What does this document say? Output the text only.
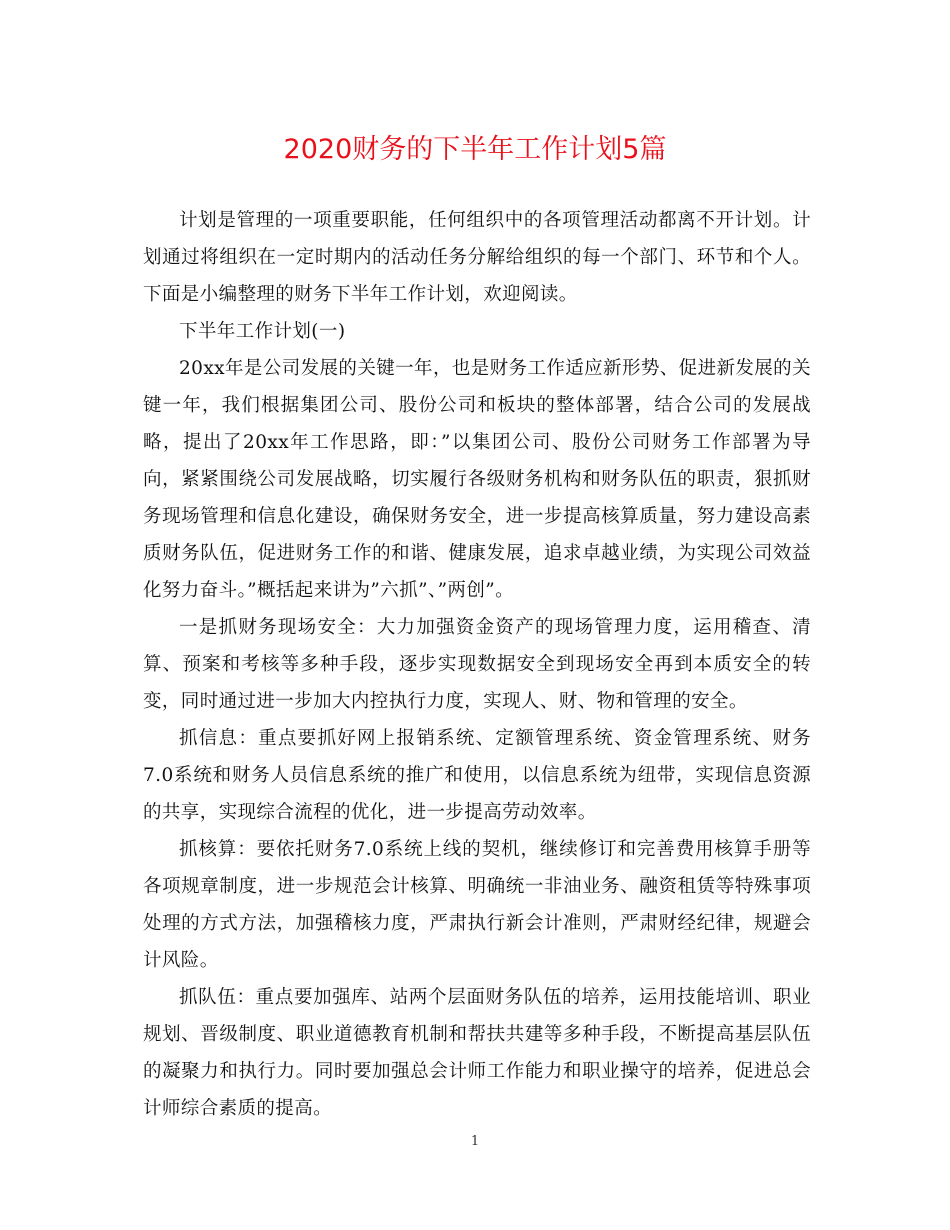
2020财务的下半年工作计划5篇

计划是管理的一项重要职能，任何组织中的各项管理活动都离不开计划。计划通过将组织在一定时期内的活动任务分解给组织的每一个部门、环节和个人。下面是小编整理的财务下半年工作计划，欢迎阅读。

下半年工作计划(一)

20xx年是公司发展的关键一年，也是财务工作适应新形势、促进新发展的关键一年，我们根据集团公司、股份公司和板块的整体部署，结合公司的发展战略，提出了20xx年工作思路，即：”以集团公司、股份公司财务工作部署为导向，紧紧围绕公司发展战略，切实履行各级财务机构和财务队伍的职责，狠抓财务现场管理和信息化建设，确保财务安全，进一步提高核算质量，努力建设高素质财务队伍，促进财务工作的和谐、健康发展，追求卓越业绩，为实现公司效益化努力奋斗。”概括起来讲为”六抓”、”两创”。

一是抓财务现场安全：大力加强资金资产的现场管理力度，运用稽查、清算、预案和考核等多种手段，逐步实现数据安全到现场安全再到本质安全的转变，同时通过进一步加大内控执行力度，实现人、财、物和管理的安全。

抓信息：重点要抓好网上报销系统、定额管理系统、资金管理系统、财务7.0系统和财务人员信息系统的推广和使用，以信息系统为纽带，实现信息资源的共享，实现综合流程的优化，进一步提高劳动效率。

抓核算：要依托财务7.0系统上线的契机，继续修订和完善费用核算手册等各项规章制度，进一步规范会计核算、明确统一非油业务、融资租赁等特殊事项处理的方式方法，加强稽核力度，严肃执行新会计准则，严肃财经纪律，规避会计风险。

抓队伍：重点要加强库、站两个层面财务队伍的培养，运用技能培训、职业规划、晋级制度、职业道德教育机制和帮扶共建等多种手段，不断提高基层队伍的凝聚力和执行力。同时要加强总会计师工作能力和职业操守的培养，促进总会计师综合素质的提高。

1
